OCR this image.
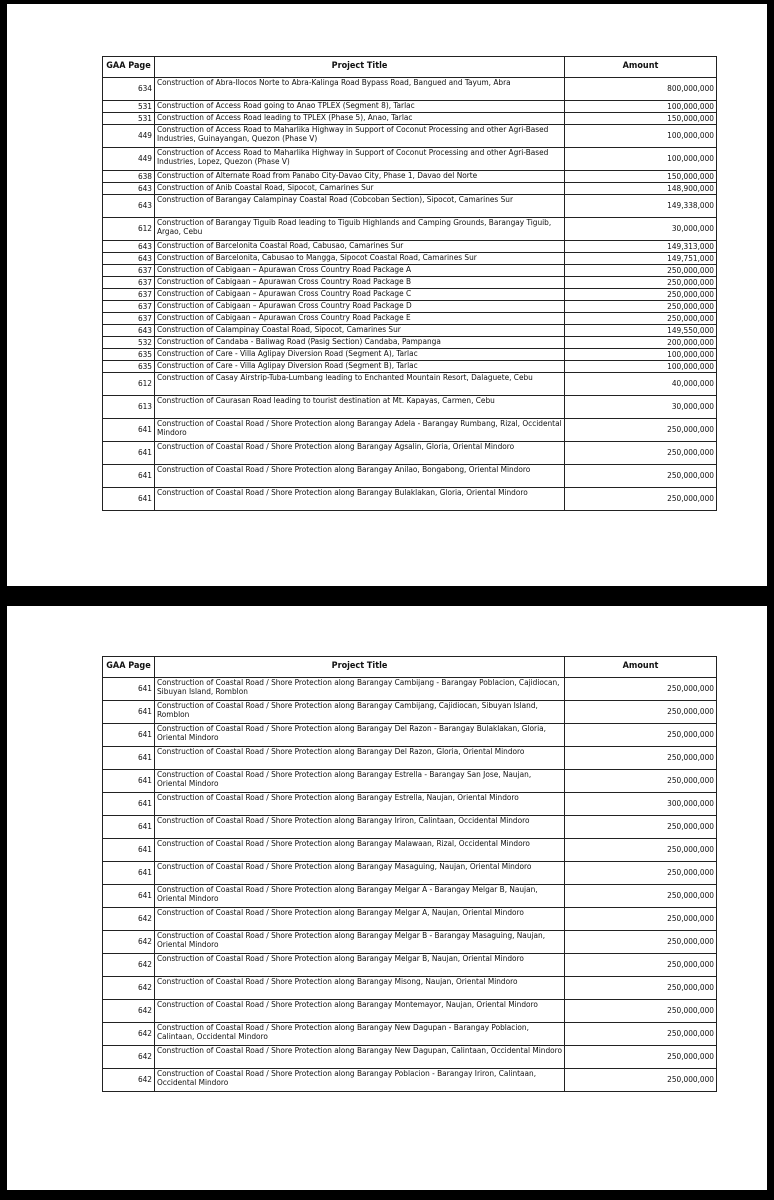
GAA Page	Project Title	Amount
634	Construction of Abra-Ilocos Norte to Abra-Kalinga Road Bypass Road, Bangued and Tayum, Abra	800,000,000
531	Construction of Access Road going to Anao TPLEX (Segment 8), Tarlac	100,000,000
531	Construction of Access Road leading to TPLEX (Phase 5), Anao, Tarlac	150,000,000
449	Construction of Access Road to Maharlika Highway in Support of Coconut Processing and other Agri-Based Industries, Guinayangan, Quezon (Phase V)	100,000,000
449	Construction of Access Road to Maharlika Highway in Support of Coconut Processing and other Agri-Based Industries, Lopez, Quezon (Phase V)	100,000,000
638	Construction of Alternate Road from Panabo City-Davao City, Phase 1, Davao del Norte	150,000,000
643	Construction of Anib Coastal Road, Sipocot, Camarines Sur	148,900,000
643	Construction of Barangay Calampinay Coastal Road (Cobcoban Section), Sipocot, Camarines Sur	149,338,000
612	Construction of Barangay Tiguib Road leading to Tiguib Highlands and Camping Grounds, Barangay Tiguib, Argao, Cebu	30,000,000
643	Construction of Barcelonita Coastal Road, Cabusao, Camarines Sur	149,313,000
643	Construction of Barcelonita, Cabusao to Mangga, Sipocot Coastal Road, Camarines Sur	149,751,000
637	Construction of Cabigaan – Apurawan Cross Country Road Package A	250,000,000
637	Construction of Cabigaan – Apurawan Cross Country Road Package B	250,000,000
637	Construction of Cabigaan – Apurawan Cross Country Road Package C	250,000,000
637	Construction of Cabigaan – Apurawan Cross Country Road Package D	250,000,000
637	Construction of Cabigaan – Apurawan Cross Country Road Package E	250,000,000
643	Construction of Calampinay Coastal Road, Sipocot, Camarines Sur	149,550,000
532	Construction of Candaba - Baliwag Road (Pasig Section) Candaba, Pampanga	200,000,000
635	Construction of Care - Villa Aglipay Diversion Road (Segment A), Tarlac	100,000,000
635	Construction of Care - Villa Aglipay Diversion Road (Segment B), Tarlac	100,000,000
612	Construction of Casay Airstrip-Tuba-Lumbang leading to Enchanted Mountain Resort, Dalaguete, Cebu	40,000,000
613	Construction of Caurasan Road leading to tourist destination at Mt. Kapayas, Carmen, Cebu	30,000,000
641	Construction of Coastal Road / Shore Protection along Barangay Adela - Barangay Rumbang, Rizal, Occidental Mindoro	250,000,000
641	Construction of Coastal Road / Shore Protection along Barangay Agsalin, Gloria, Oriental Mindoro	250,000,000
641	Construction of Coastal Road / Shore Protection along Barangay Anilao, Bongabong, Oriental Mindoro	250,000,000
641	Construction of Coastal Road / Shore Protection along Barangay Bulaklakan, Gloria, Oriental Mindoro	250,000,000
GAA Page	Project Title	Amount
641	Construction of Coastal Road / Shore Protection along Barangay Cambijang - Barangay Poblacion, Cajidiocan, Sibuyan Island, Romblon	250,000,000
641	Construction of Coastal Road / Shore Protection along Barangay Cambijang, Cajidiocan, Sibuyan Island, Romblon	250,000,000
641	Construction of Coastal Road / Shore Protection along Barangay Del Razon - Barangay Bulaklakan, Gloria, Oriental Mindoro	250,000,000
641	Construction of Coastal Road / Shore Protection along Barangay Del Razon, Gloria, Oriental Mindoro	250,000,000
641	Construction of Coastal Road / Shore Protection along Barangay Estrella - Barangay San Jose, Naujan, Oriental Mindoro	250,000,000
641	Construction of Coastal Road / Shore Protection along Barangay Estrella, Naujan, Oriental Mindoro	300,000,000
641	Construction of Coastal Road / Shore Protection along Barangay Iriron, Calintaan, Occidental Mindoro	250,000,000
641	Construction of Coastal Road / Shore Protection along Barangay Malawaan, Rizal, Occidental Mindoro	250,000,000
641	Construction of Coastal Road / Shore Protection along Barangay Masaguing, Naujan, Oriental Mindoro	250,000,000
641	Construction of Coastal Road / Shore Protection along Barangay Melgar A - Barangay Melgar B, Naujan, Oriental Mindoro	250,000,000
642	Construction of Coastal Road / Shore Protection along Barangay Melgar A, Naujan, Oriental Mindoro	250,000,000
642	Construction of Coastal Road / Shore Protection along Barangay Melgar B - Barangay Masaguing, Naujan, Oriental Mindoro	250,000,000
642	Construction of Coastal Road / Shore Protection along Barangay Melgar B, Naujan, Oriental Mindoro	250,000,000
642	Construction of Coastal Road / Shore Protection along Barangay Misong, Naujan, Oriental Mindoro	250,000,000
642	Construction of Coastal Road / Shore Protection along Barangay Montemayor, Naujan, Oriental Mindoro	250,000,000
642	Construction of Coastal Road / Shore Protection along Barangay New Dagupan - Barangay Poblacion, Calintaan, Occidental Mindoro	250,000,000
642	Construction of Coastal Road / Shore Protection along Barangay New Dagupan, Calintaan, Occidental Mindoro	250,000,000
642	Construction of Coastal Road / Shore Protection along Barangay Poblacion - Barangay Iriron, Calintaan, Occidental Mindoro	250,000,000
